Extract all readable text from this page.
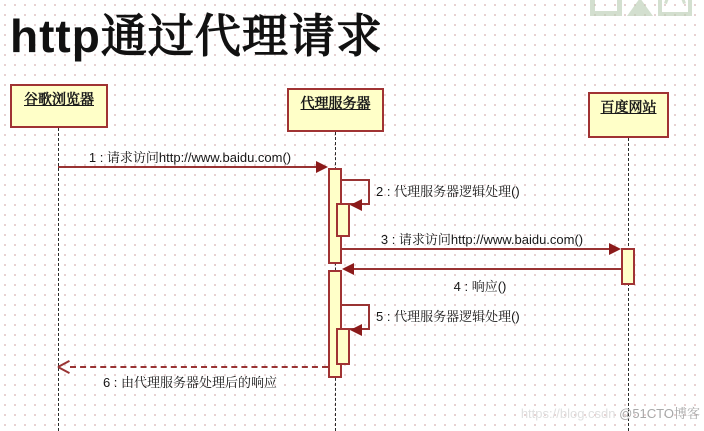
http通过代理请求
谷歌浏览器	代理服务器	百度网站
1 : 请求访问http://www.baidu.com()
2 : 代理服务器逻辑处理()
3 : 请求访问http://www.baidu.com()
4 : 响应()
5 : 代理服务器逻辑处理()
6 : 由代理服务器处理后的响应
https://blog.csdn @51CTO博客
